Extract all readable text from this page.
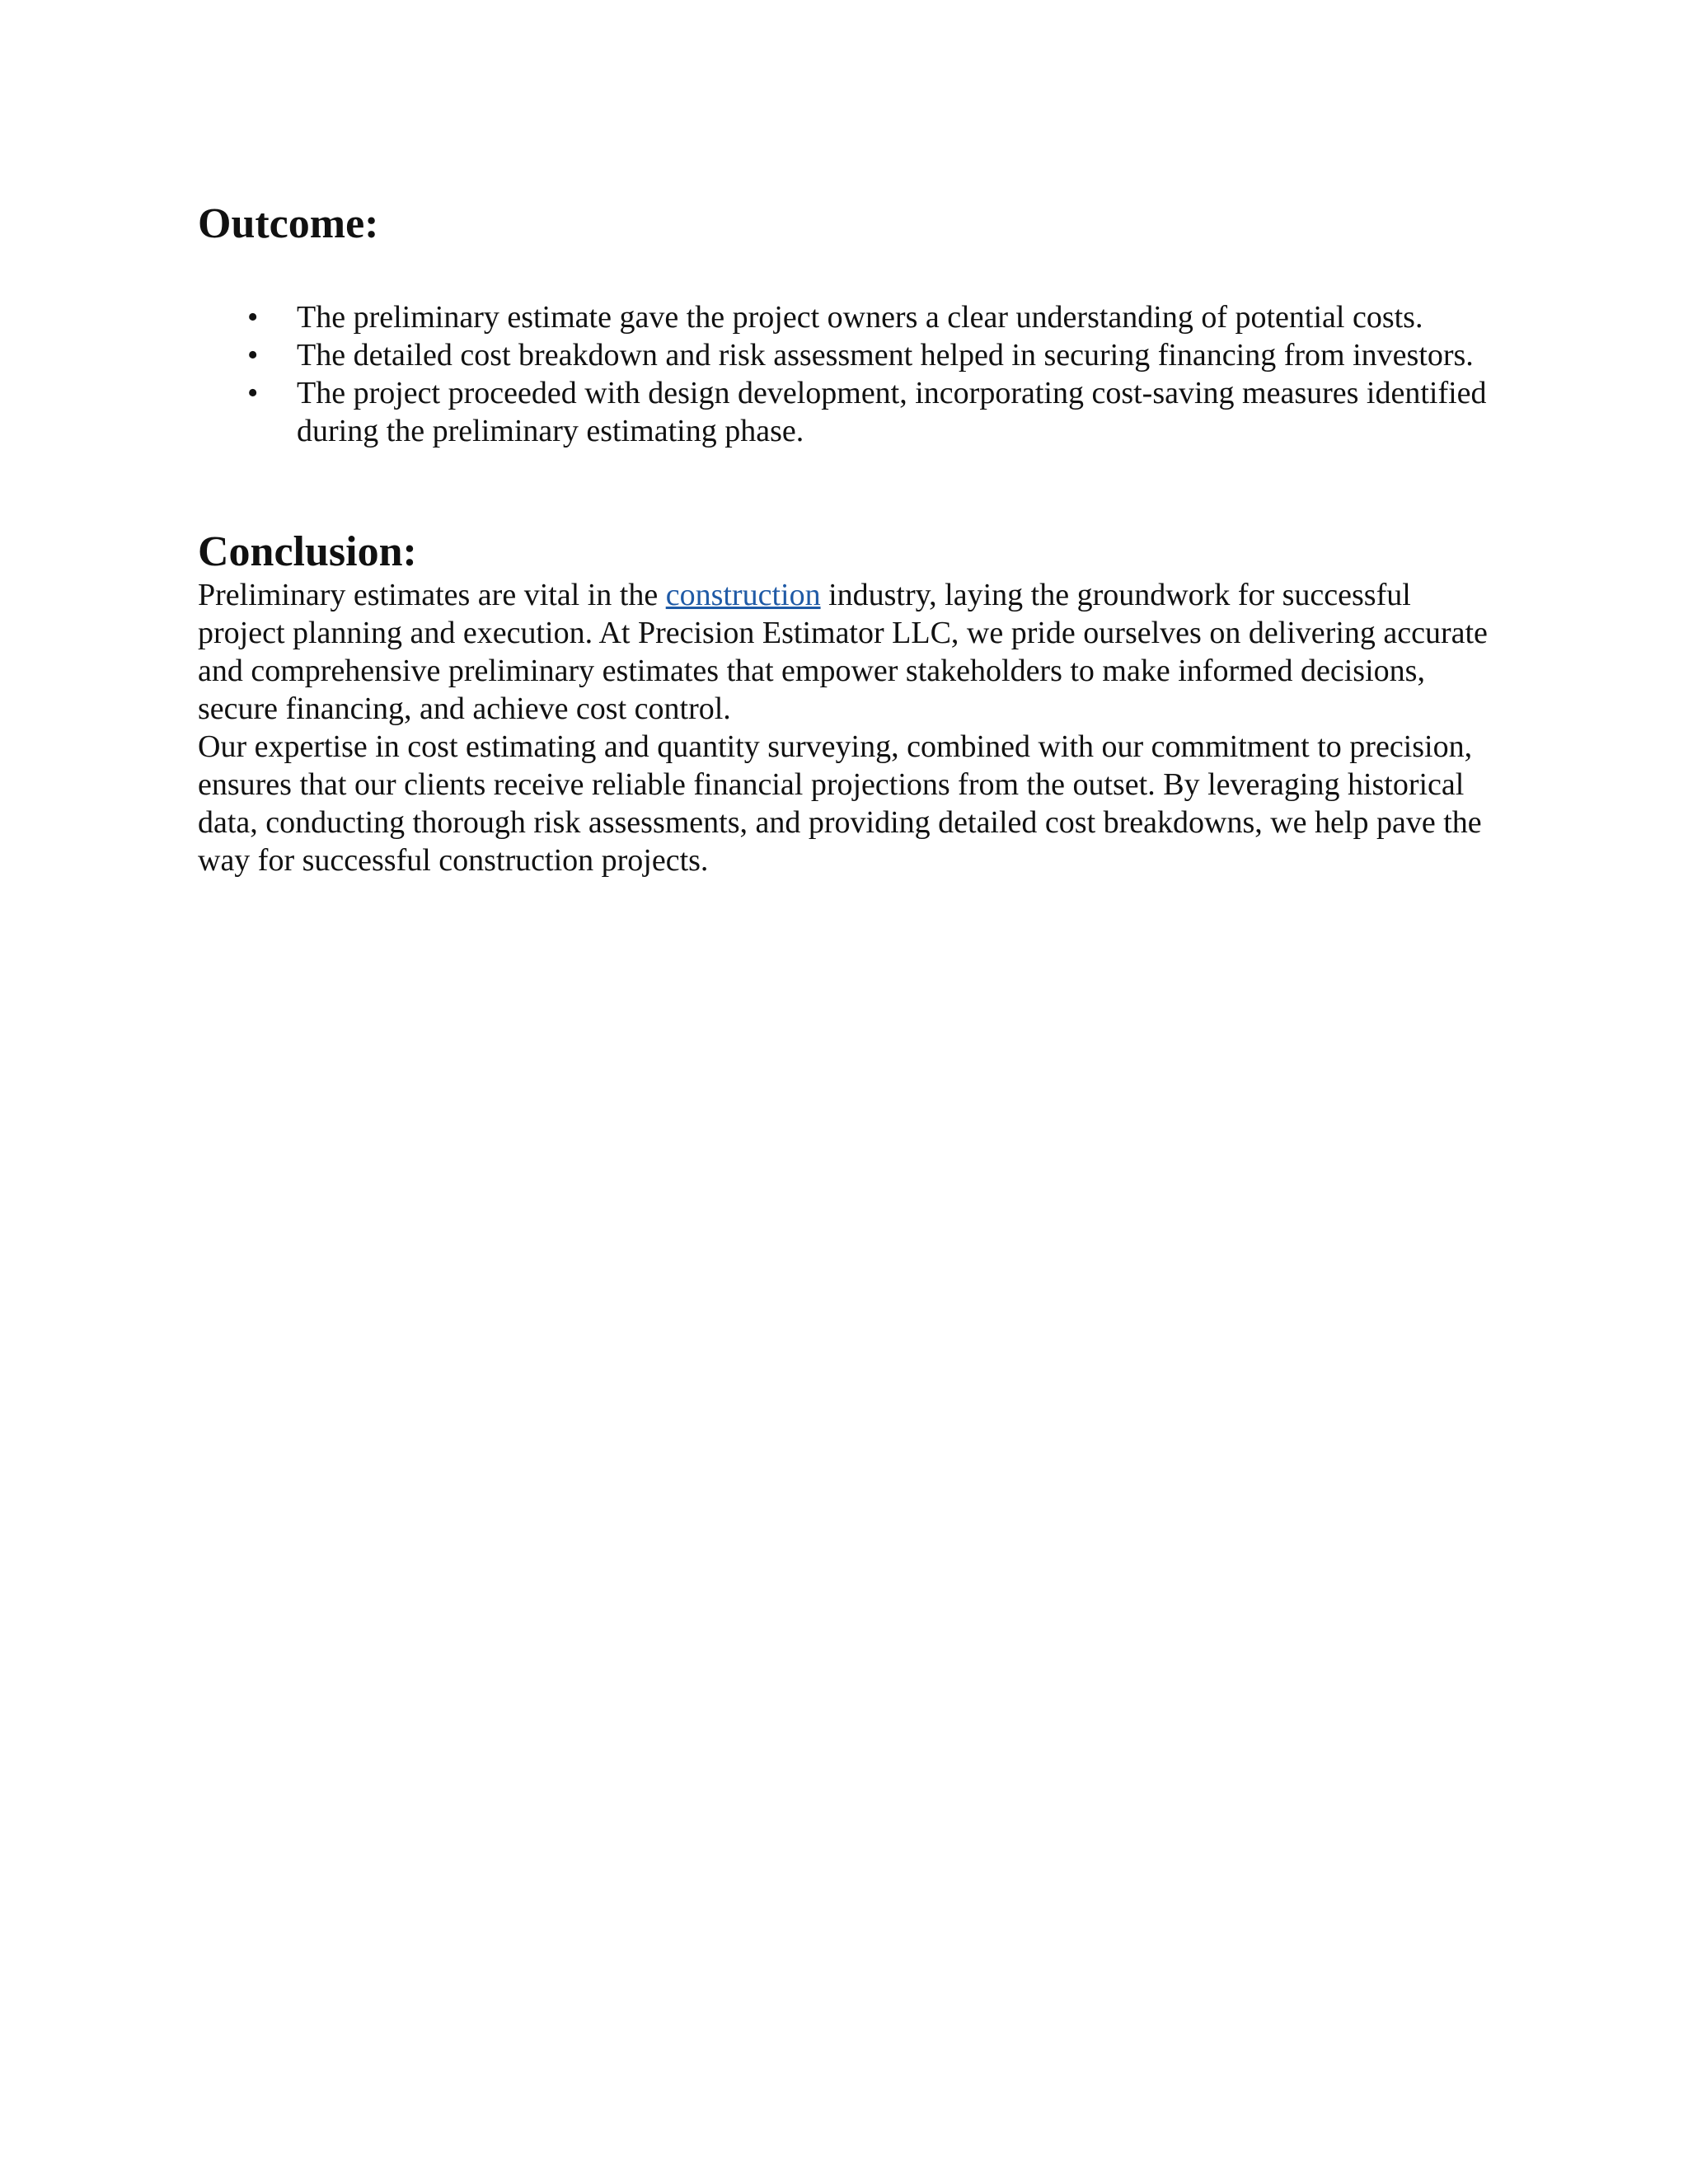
Outcome:
• The preliminary estimate gave the project owners a clear understanding of potential costs.
• The detailed cost breakdown and risk assessment helped in securing financing from investors.
• The project proceeded with design development, incorporating cost-saving measures identified during the preliminary estimating phase.
Conclusion:

Preliminary estimates are vital in the construction industry, laying the groundwork for successful project planning and execution. At Precision Estimator LLC, we pride ourselves on delivering accurate and comprehensive preliminary estimates that empower stakeholders to make informed decisions, secure financing, and achieve cost control.

Our expertise in cost estimating and quantity surveying, combined with our commitment to precision, ensures that our clients receive reliable financial projections from the outset. By leveraging historical data, conducting thorough risk assessments, and providing detailed cost breakdowns, we help pave the way for successful construction projects.
